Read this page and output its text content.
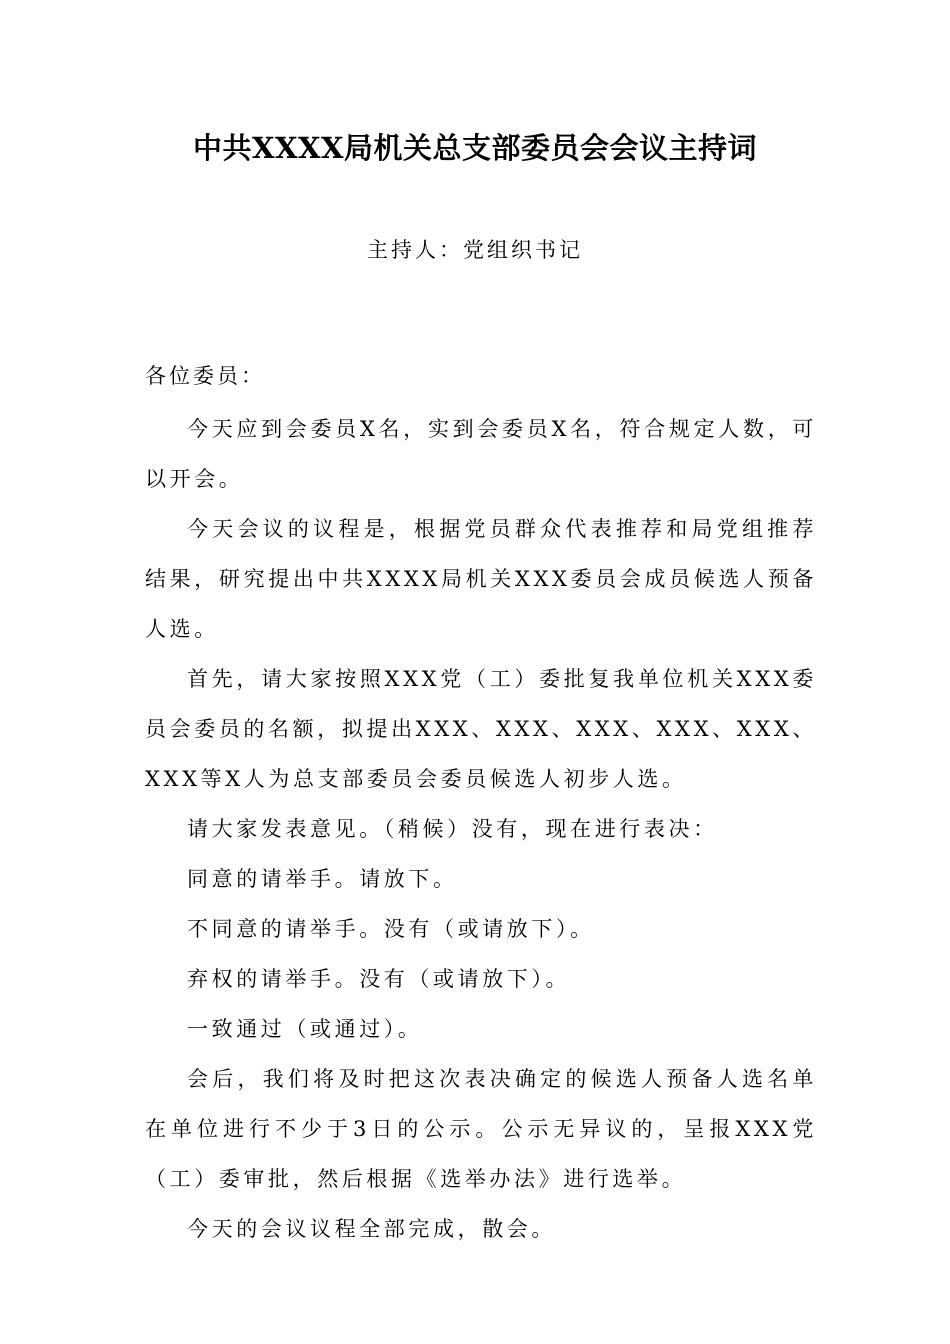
中共XXXX局机关总支部委员会会议主持词
主持人：党组织书记
各位委员：

今天应到会委员X名，实到会委员X名，符合规定人数，可以开会。

今天会议的议程是，根据党员群众代表推荐和局党组推荐结果，研究提出中共XXXX局机关XXX委员会成员候选人预备人选。

首先，请大家按照XXX党（工）委批复我单位机关XXX委员会委员的名额，拟提出XXX、XXX、XXX、XXX、XXX、XXX等X人为总支部委员会委员候选人初步人选。

请大家发表意见。（稍候）没有，现在进行表决：

同意的请举手。请放下。

不同意的请举手。没有（或请放下）。

弃权的请举手。没有（或请放下）。

一致通过（或通过）。

会后，我们将及时把这次表决确定的候选人预备人选名单在单位进行不少于3日的公示。公示无异议的，呈报XXX党（工）委审批，然后根据《选举办法》进行选举。

今天的会议议程全部完成，散会。
